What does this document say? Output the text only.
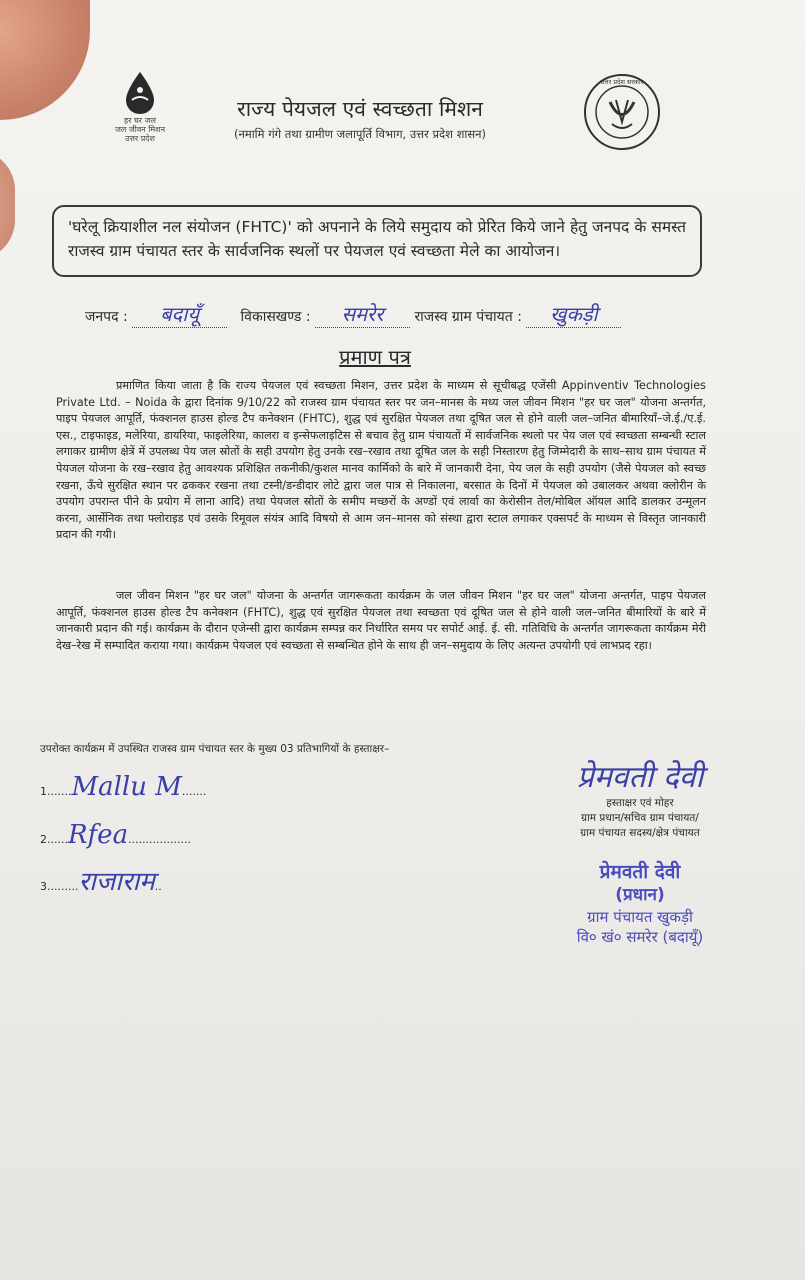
हर घर जल
जल जीवन मिशन
उत्तर प्रदेश
राज्य पेयजल एवं स्वच्छता मिशन
(नमामि गंगे तथा ग्रामीण जलापूर्ति विभाग, उत्तर प्रदेश शासन)
उत्तर प्रदेश सरकार
'घरेलू क्रियाशील नल संयोजन (FHTC)' को अपनाने के लिये समुदाय को प्रेरित किये जाने हेतु जनपद के समस्त राजस्व ग्राम पंचायत स्तर के सार्वजनिक स्थलों पर पेयजल एवं स्वच्छता मेले का आयोजन।
जनपद : बदायूँ	विकासखण्ड : समरेर राजस्व ग्राम पंचायत : खुकड़ी
प्रमाण पत्र
प्रमाणित किया जाता है कि राज्य पेयजल एवं स्वच्छता मिशन, उत्तर प्रदेश के माध्यम से सूचीबद्ध एजेंसी Appinventiv Technologies Private Ltd. – Noida के द्वारा दिनांक 9/10/22 को राजस्व ग्राम पंचायत स्तर पर जन–मानस के मध्य जल जीवन मिशन "हर घर जल" योजना अन्तर्गत, पाइप पेयजल आपूर्ति, फंक्शनल हाउस होल्ड टैप कनेक्शन (FHTC), शुद्ध एवं सुरक्षित पेयजल तथा दूषित जल से होने वाली जल–जनित बीमारियाँ–जे.ई./ए.ई. एस., टाइफाइड, मलेरिया, डायरिया, फाइलेरिया, कालरा व इन्सेफलाइटिस से बचाव हेतु ग्राम पंचायतों में सार्वजनिक स्थलो पर पेय जल एवं स्वच्छता सम्बन्धी स्टाल लगाकर ग्रामीण क्षेत्रें में उपलब्ध पेय जल स्रोतों के सही उपयोग हेतु उनके रख–रखाव तथा दूषित जल के सही निस्तारण हेतु जिम्मेदारी के साथ–साथ ग्राम पंचायत में पेयजल योजना के रख–रखाव हेतु आवश्यक प्रशिक्षित तकनीकी/कुशल मानव कार्मिको के बारे में जानकारी देना, पेय जल के सही उपयोग (जैसे पेयजल को स्वच्छ रखना, ऊँचे सुरक्षित स्थान पर ढककर रखना तथा टस्नी/डन्डीदार लोटे द्वारा जल पात्र से निकालना, बरसात के दिनों में पेयजल को उबालकर अथवा क्लोरीन के उपयोग उपरान्त पीने के प्रयोग में लाना आदि) तथा पेयजल स्रोतों के समीप मच्छरों के अण्डों एवं लार्वा का केरोसीन तेल/मोबिल ऑयल आदि डालकर उन्मूलन करना, आर्सेनिक तथा फ्लोराइड एवं उसके रिमूवल संयंत्र आदि विषयो से आम जन–मानस को संस्था द्वारा स्टाल लगाकर एक्सपर्ट के माध्यम से विस्तृत जानकारी प्रदान की गयी।
जल जीवन मिशन "हर घर जल" योजना के अन्तर्गत जागरूकता कार्यक्रम के जल जीवन मिशन "हर घर जल" योजना अन्तर्गत, पाइप पेयजल आपूर्ति, फंक्शनल हाउस होल्ड टैप कनेक्शन (FHTC), शुद्ध एवं सुरक्षित पेयजल तथा स्वच्छता एवं दूषित जल से होने वाली जल–जनित बीमारियों के बारे में जानकारी प्रदान की गई। कार्यक्रम के दौरान एजेन्सी द्वारा कार्यक्रम सम्पन्न कर निर्धारित समय पर सपोर्ट आई. ई. सी. गतिविधि के अन्तर्गत जागरूकता कार्यक्रम मेरी देख–रेख में सम्पादित कराया गया। कार्यक्रम पेयजल एवं स्वच्छता से सम्बन्धित होने के साथ ही जन–समुदाय के लिए अत्यन्त उपयोगी एवं लाभप्रद रहा।
उपरोक्त कार्यक्रम में उपस्थित राजस्व ग्राम पंचायत स्तर के मुख्य 03 प्रतिभागियों के हस्ताक्षर–
1.......Mallu M.......
2......Rfea..................
3.........राजाराम..
प्रेमवती देवी
हस्ताक्षर एवं मोहर
ग्राम प्रधान/सचिव ग्राम पंचायत/
ग्राम पंचायत सदस्य/क्षेत्र पंचायत
प्रेमवती देवी
(प्रधान)
ग्राम पंचायत खुकड़ी
वि० खं० समरेर (बदायूँ)
